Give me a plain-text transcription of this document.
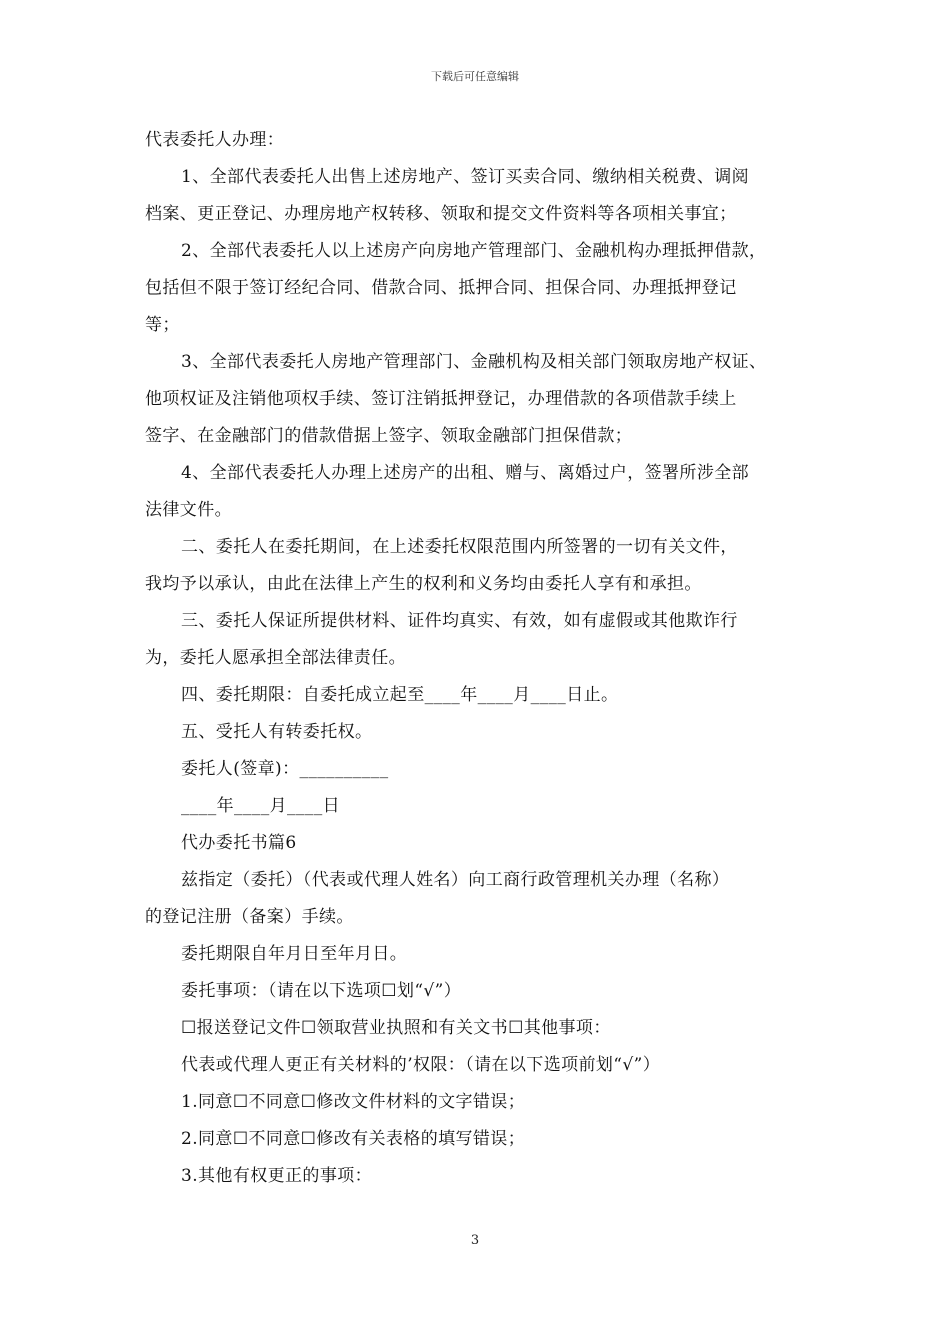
下载后可任意编辑
代表委托人办理：
1、全部代表委托人出售上述房地产、签订买卖合同、缴纳相关税费、调阅
档案、更正登记、办理房地产权转移、领取和提交文件资料等各项相关事宜；
2、全部代表委托人以上述房产向房地产管理部门、金融机构办理抵押借款，
包括但不限于签订经纪合同、借款合同、抵押合同、担保合同、办理抵押登记
等；
3、全部代表委托人房地产管理部门、金融机构及相关部门领取房地产权证、
他项权证及注销他项权手续、签订注销抵押登记，办理借款的各项借款手续上
签字、在金融部门的借款借据上签字、领取金融部门担保借款；
4、全部代表委托人办理上述房产的出租、赠与、离婚过户，签署所涉全部
法律文件。
二、委托人在委托期间，在上述委托权限范围内所签署的一切有关文件，
我均予以承认，由此在法律上产生的权利和义务均由委托人享有和承担。
三、委托人保证所提供材料、证件均真实、有效，如有虚假或其他欺诈行
为，委托人愿承担全部法律责任。
四、委托期限：自委托成立起至____年____月____日止。
五、受托人有转委托权。
委托人(签章)：__________
____年____月____日
代办委托书篇6
兹指定（委托）（代表或代理人姓名）向工商行政管理机关办理（名称）
的登记注册（备案）手续。
委托期限自年月日至年月日。
委托事项：（请在以下选项☐划“√”）
☐报送登记文件☐领取营业执照和有关文书☐其他事项：
代表或代理人更正有关材料的’权限：（请在以下选项前划“√”）
1.同意☐不同意☐修改文件材料的文字错误；
2.同意☐不同意☐修改有关表格的填写错误；
3.其他有权更正的事项：
3
